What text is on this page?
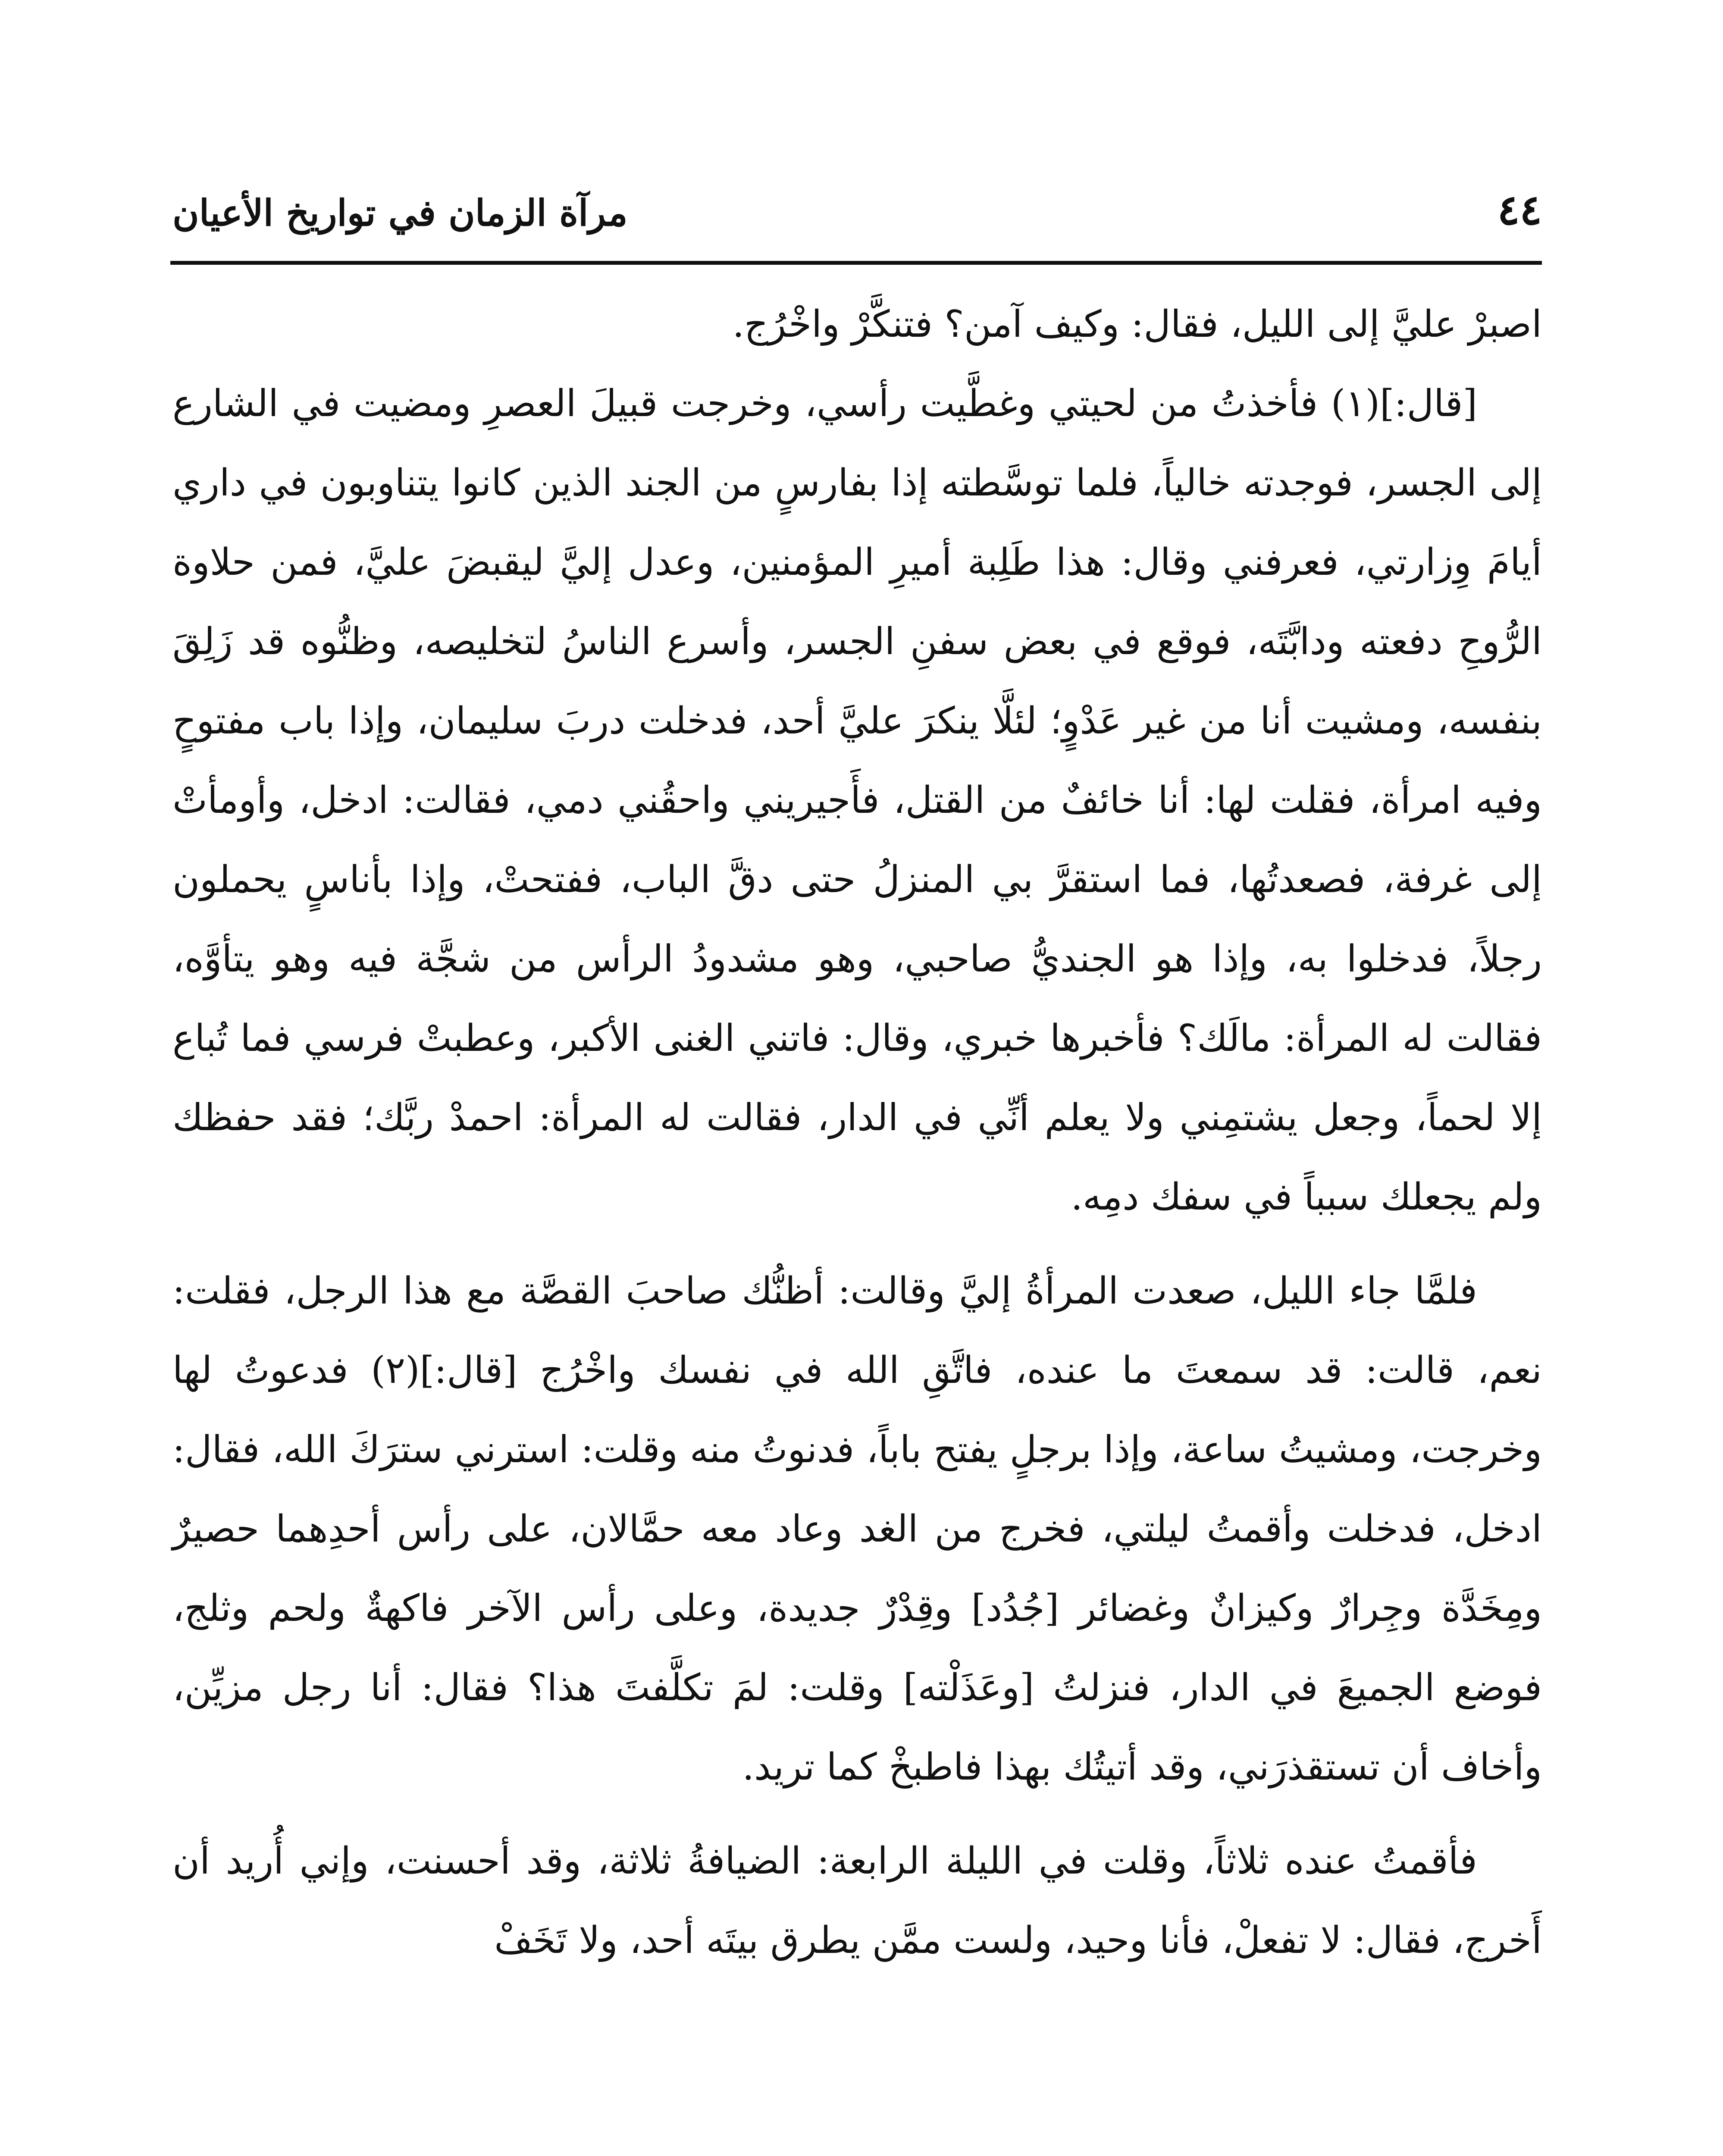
٤٤
مرآة الزمان في تواريخ الأعيان

اصبرْ عليَّ إلى الليل، فقال: وكيف آمن؟ فتنكَّرْ واخْرُج.

[قال:](١) فأخذتُ من لحيتي وغطَّيت رأسي، وخرجت قبيلَ العصرِ ومضيت في الشارع إلى الجسر، فوجدته خالياً، فلما توسَّطته إذا بفارسٍ من الجند الذين كانوا يتناوبون في داري أيامَ وِزارتي، فعرفني وقال: هذا طَلِبة أميرِ المؤمنين، وعدل إليَّ ليقبضَ عليَّ، فمن حلاوة الرُّوحِ دفعته ودابَّتَه، فوقع في بعض سفنِ الجسر، وأسرع الناسُ لتخليصه، وظنُّوه قد زَلِقَ بنفسه، ومشيت أنا من غير عَدْوٍ؛ لئلَّا ينكرَ عليَّ أحد، فدخلت دربَ سليمان، وإذا باب مفتوحٍ وفيه امرأة، فقلت لها: أنا خائفٌ من القتل، فأَجيريني واحقُني دمي، فقالت: ادخل، وأومأتْ إلى غرفة، فصعدتُها، فما استقرَّ بي المنزلُ حتى دقَّ الباب، ففتحتْ، وإذا بأناسٍ يحملون رجلاً، فدخلوا به، وإذا هو الجنديُّ صاحبي، وهو مشدودُ الرأس من شجَّة فيه وهو يتأوَّه، فقالت له المرأة: مالَك؟ فأخبرها خبري، وقال: فاتني الغنى الأكبر، وعطبتْ فرسي فما تُباع إلا لحماً، وجعل يشتمِني ولا يعلم أنِّي في الدار، فقالت له المرأة: احمدْ ربَّك؛ فقد حفظك ولم يجعلك سبباً في سفك دمِه.

فلمَّا جاء الليل، صعدت المرأةُ إليَّ وقالت: أظنُّك صاحبَ القصَّة مع هذا الرجل، فقلت: نعم، قالت: قد سمعتَ ما عنده، فاتَّقِ الله في نفسك واخْرُج [قال:](٢) فدعوتُ لها وخرجت، ومشيتُ ساعة، وإذا برجلٍ يفتح باباً، فدنوتُ منه وقلت: استرني سترَكَ الله، فقال: ادخل، فدخلت وأقمتُ ليلتي، فخرج من الغد وعاد معه حمَّالان، على رأس أحدِهما حصيرٌ ومِخَدَّة وجِرارٌ وكيزانٌ وغضائر [جُدُد] وقِدْرٌ جديدة، وعلى رأس الآخر فاكهةٌ ولحم وثلج، فوضع الجميعَ في الدار، فنزلتُ [وعَذَلْته] وقلت: لمَ تكلَّفتَ هذا؟ فقال: أنا رجل مزيِّن، وأخاف أن تستقذرَني، وقد أتيتُك بهذا فاطبخْ كما تريد.

فأقمتُ عنده ثلاثاً، وقلت في الليلة الرابعة: الضيافةُ ثلاثة، وقد أحسنت، وإني أُريد أن أَخرج، فقال: لا تفعلْ، فأنا وحيد، ولست ممَّن يطرق بيتَه أحد، ولا تَخَفْ
